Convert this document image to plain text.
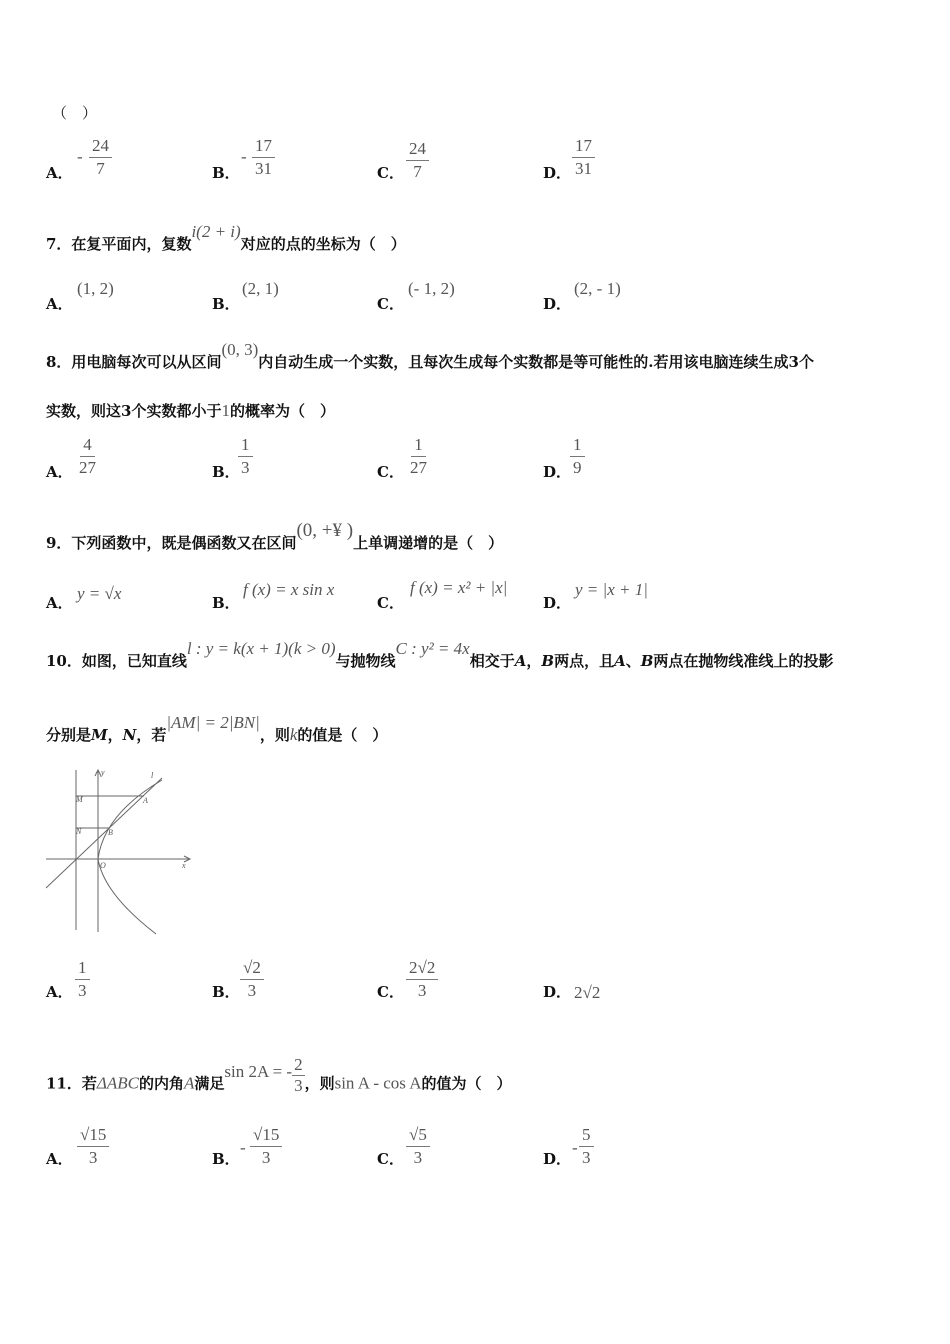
（　）
A．
- $\frac{24}{7}$	B．
- $\frac{17}{31}$	C． $\frac{24}{7}$	D． $\frac{17}{31}$
7．在复平面内，复数i(2 + i)对应的点的坐标为（　）
A．
(1, 2)
B．
(2, 1)
C．
(- 1, 2)
D．
(2, - 1)
8．用电脑每次可以从区间(0, 3)内自动生成一个实数，且每次生成每个实数都是等可能性的.若用该电脑连续生成3个
实数，则这3个实数都小于1的概率为（　）
A． $\frac{4}{27}$	B．
$\frac{1}{3}$	C． $\frac{1}{27}$	D．
$\frac{1}{9}$
9．下列函数中，既是偶函数又在区间(0, +¥ )上单调递增的是（　）
A． y = √x	B．
f (x) = x sin x
C．
f (x) = x² + |x|
D．
y = |x + 1|
10．如图，已知直线l : y = k(x + 1)(k > 0)与抛物线C : y² = 4x相交于A，B两点，且A、B两点在抛物线准线上的投影
分别是M，N，若|AM| = 2|BN|，则k的值是（　）
y
x
l
M
N
A
B
O
A． $\frac{1}{3}$	B． $\frac{√2}{3}$	C． $\frac{2√2}{3}$	D． 2√2
11．若ΔABC的内角A满足sin 2A = - $\frac{2}{3}$ ，则sin A - cos A的值为（　）
A． $\frac{√15}{3}$	B．
- $\frac{√15}{3}$	C． $\frac{√5}{3}$	D．
- $\frac{5}{3}$
